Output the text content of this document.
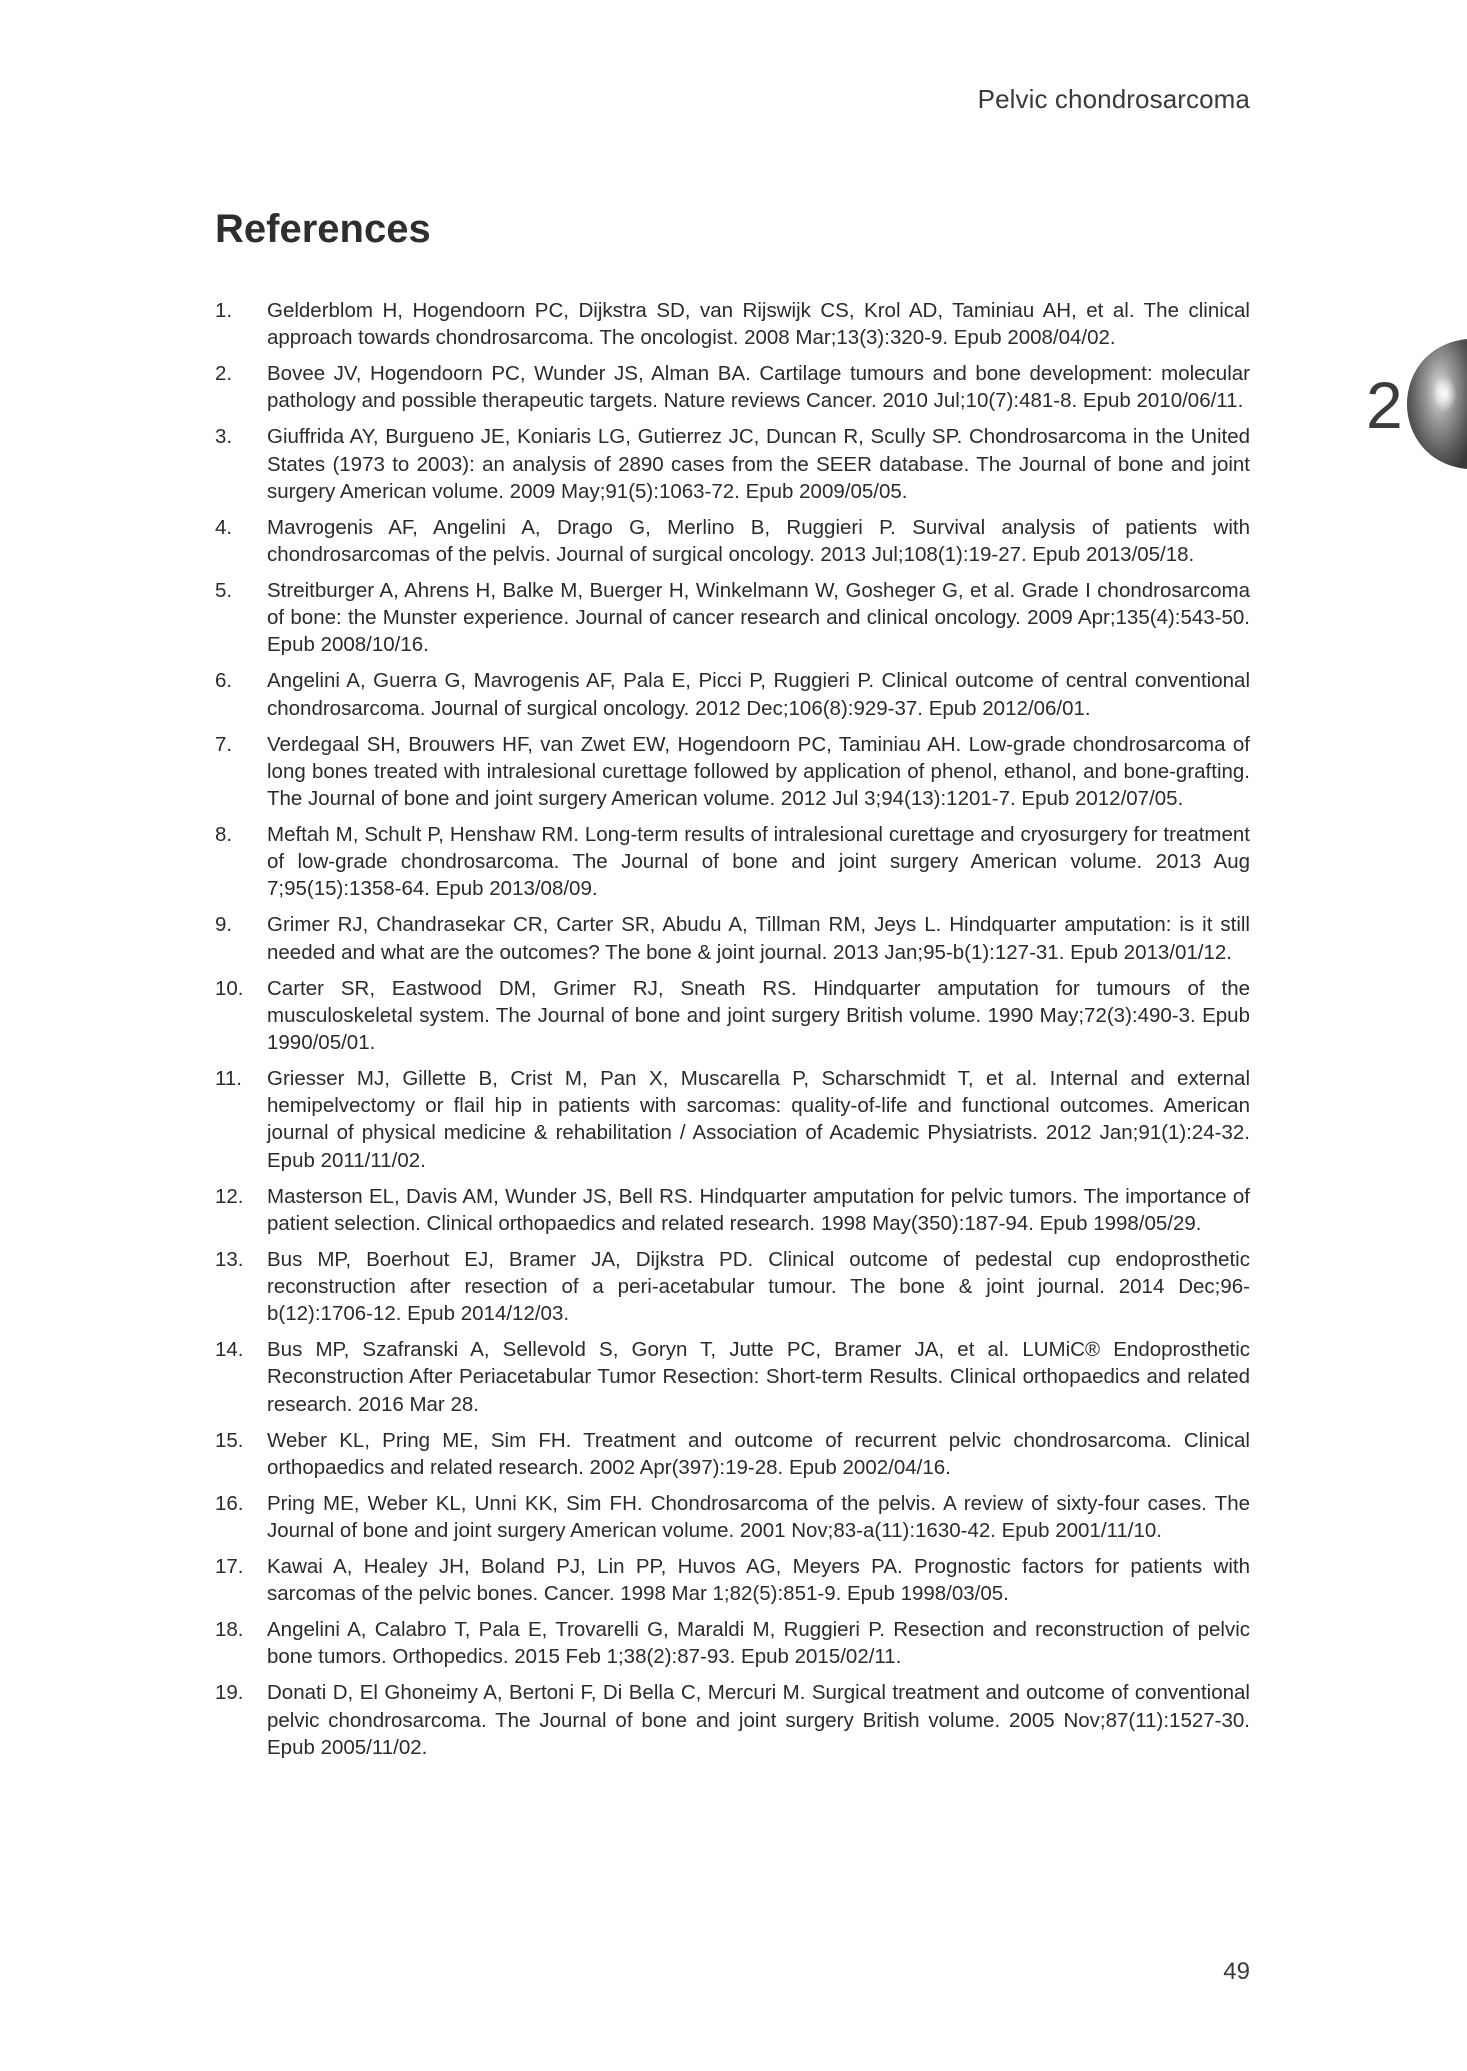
Pelvic chondrosarcoma
References
2
1.	Gelderblom H, Hogendoorn PC, Dijkstra SD, van Rijswijk CS, Krol AD, Taminiau AH, et al. The clinical approach towards chondrosarcoma. The oncologist. 2008 Mar;13(3):320-9. Epub 2008/04/02.
2.	Bovee JV, Hogendoorn PC, Wunder JS, Alman BA. Cartilage tumours and bone development: molecular pathology and possible therapeutic targets. Nature reviews Cancer. 2010 Jul;10(7):481-8. Epub 2010/06/11.
3.	Giuffrida AY, Burgueno JE, Koniaris LG, Gutierrez JC, Duncan R, Scully SP. Chondrosarcoma in the United States (1973 to 2003): an analysis of 2890 cases from the SEER database. The Journal of bone and joint surgery American volume. 2009 May;91(5):1063-72. Epub 2009/05/05.
4.	Mavrogenis AF, Angelini A, Drago G, Merlino B, Ruggieri P. Survival analysis of patients with chondrosarcomas of the pelvis. Journal of surgical oncology. 2013 Jul;108(1):19-27. Epub 2013/05/18.
5.	Streitburger A, Ahrens H, Balke M, Buerger H, Winkelmann W, Gosheger G, et al. Grade I chondrosarcoma of bone: the Munster experience. Journal of cancer research and clinical oncology. 2009 Apr;135(4):543-50. Epub 2008/10/16.
6.	Angelini A, Guerra G, Mavrogenis AF, Pala E, Picci P, Ruggieri P. Clinical outcome of central conventional chondrosarcoma. Journal of surgical oncology. 2012 Dec;106(8):929-37. Epub 2012/06/01.
7.	Verdegaal SH, Brouwers HF, van Zwet EW, Hogendoorn PC, Taminiau AH. Low-grade chondrosarcoma of long bones treated with intralesional curettage followed by application of phenol, ethanol, and bone-grafting. The Journal of bone and joint surgery American volume. 2012 Jul 3;94(13):1201-7. Epub 2012/07/05.
8.	Meftah M, Schult P, Henshaw RM. Long-term results of intralesional curettage and cryosurgery for treatment of low-grade chondrosarcoma. The Journal of bone and joint surgery American volume. 2013 Aug 7;95(15):1358-64. Epub 2013/08/09.
9.	Grimer RJ, Chandrasekar CR, Carter SR, Abudu A, Tillman RM, Jeys L. Hindquarter amputation: is it still needed and what are the outcomes? The bone & joint journal. 2013 Jan;95-b(1):127-31. Epub 2013/01/12.
10.	Carter SR, Eastwood DM, Grimer RJ, Sneath RS. Hindquarter amputation for tumours of the musculoskeletal system. The Journal of bone and joint surgery British volume. 1990 May;72(3):490-3. Epub 1990/05/01.
11.	Griesser MJ, Gillette B, Crist M, Pan X, Muscarella P, Scharschmidt T, et al. Internal and external hemipelvectomy or flail hip in patients with sarcomas: quality-of-life and functional outcomes. American journal of physical medicine & rehabilitation / Association of Academic Physiatrists. 2012 Jan;91(1):24-32. Epub 2011/11/02.
12.	Masterson EL, Davis AM, Wunder JS, Bell RS. Hindquarter amputation for pelvic tumors. The importance of patient selection. Clinical orthopaedics and related research. 1998 May(350):187-94. Epub 1998/05/29.
13.	Bus MP, Boerhout EJ, Bramer JA, Dijkstra PD. Clinical outcome of pedestal cup endoprosthetic reconstruction after resection of a peri-acetabular tumour. The bone & joint journal. 2014 Dec;96-b(12):1706-12. Epub 2014/12/03.
14.	Bus MP, Szafranski A, Sellevold S, Goryn T, Jutte PC, Bramer JA, et al. LUMiC® Endoprosthetic Reconstruction After Periacetabular Tumor Resection: Short-term Results. Clinical orthopaedics and related research. 2016 Mar 28.
15.	Weber KL, Pring ME, Sim FH. Treatment and outcome of recurrent pelvic chondrosarcoma. Clinical orthopaedics and related research. 2002 Apr(397):19-28. Epub 2002/04/16.
16.	Pring ME, Weber KL, Unni KK, Sim FH. Chondrosarcoma of the pelvis. A review of sixty-four cases. The Journal of bone and joint surgery American volume. 2001 Nov;83-a(11):1630-42. Epub 2001/11/10.
17.	Kawai A, Healey JH, Boland PJ, Lin PP, Huvos AG, Meyers PA. Prognostic factors for patients with sarcomas of the pelvic bones. Cancer. 1998 Mar 1;82(5):851-9. Epub 1998/03/05.
18.	Angelini A, Calabro T, Pala E, Trovarelli G, Maraldi M, Ruggieri P. Resection and reconstruction of pelvic bone tumors. Orthopedics. 2015 Feb 1;38(2):87-93. Epub 2015/02/11.
19.	Donati D, El Ghoneimy A, Bertoni F, Di Bella C, Mercuri M. Surgical treatment and outcome of conventional pelvic chondrosarcoma. The Journal of bone and joint surgery British volume. 2005 Nov;87(11):1527-30. Epub 2005/11/02.
49
